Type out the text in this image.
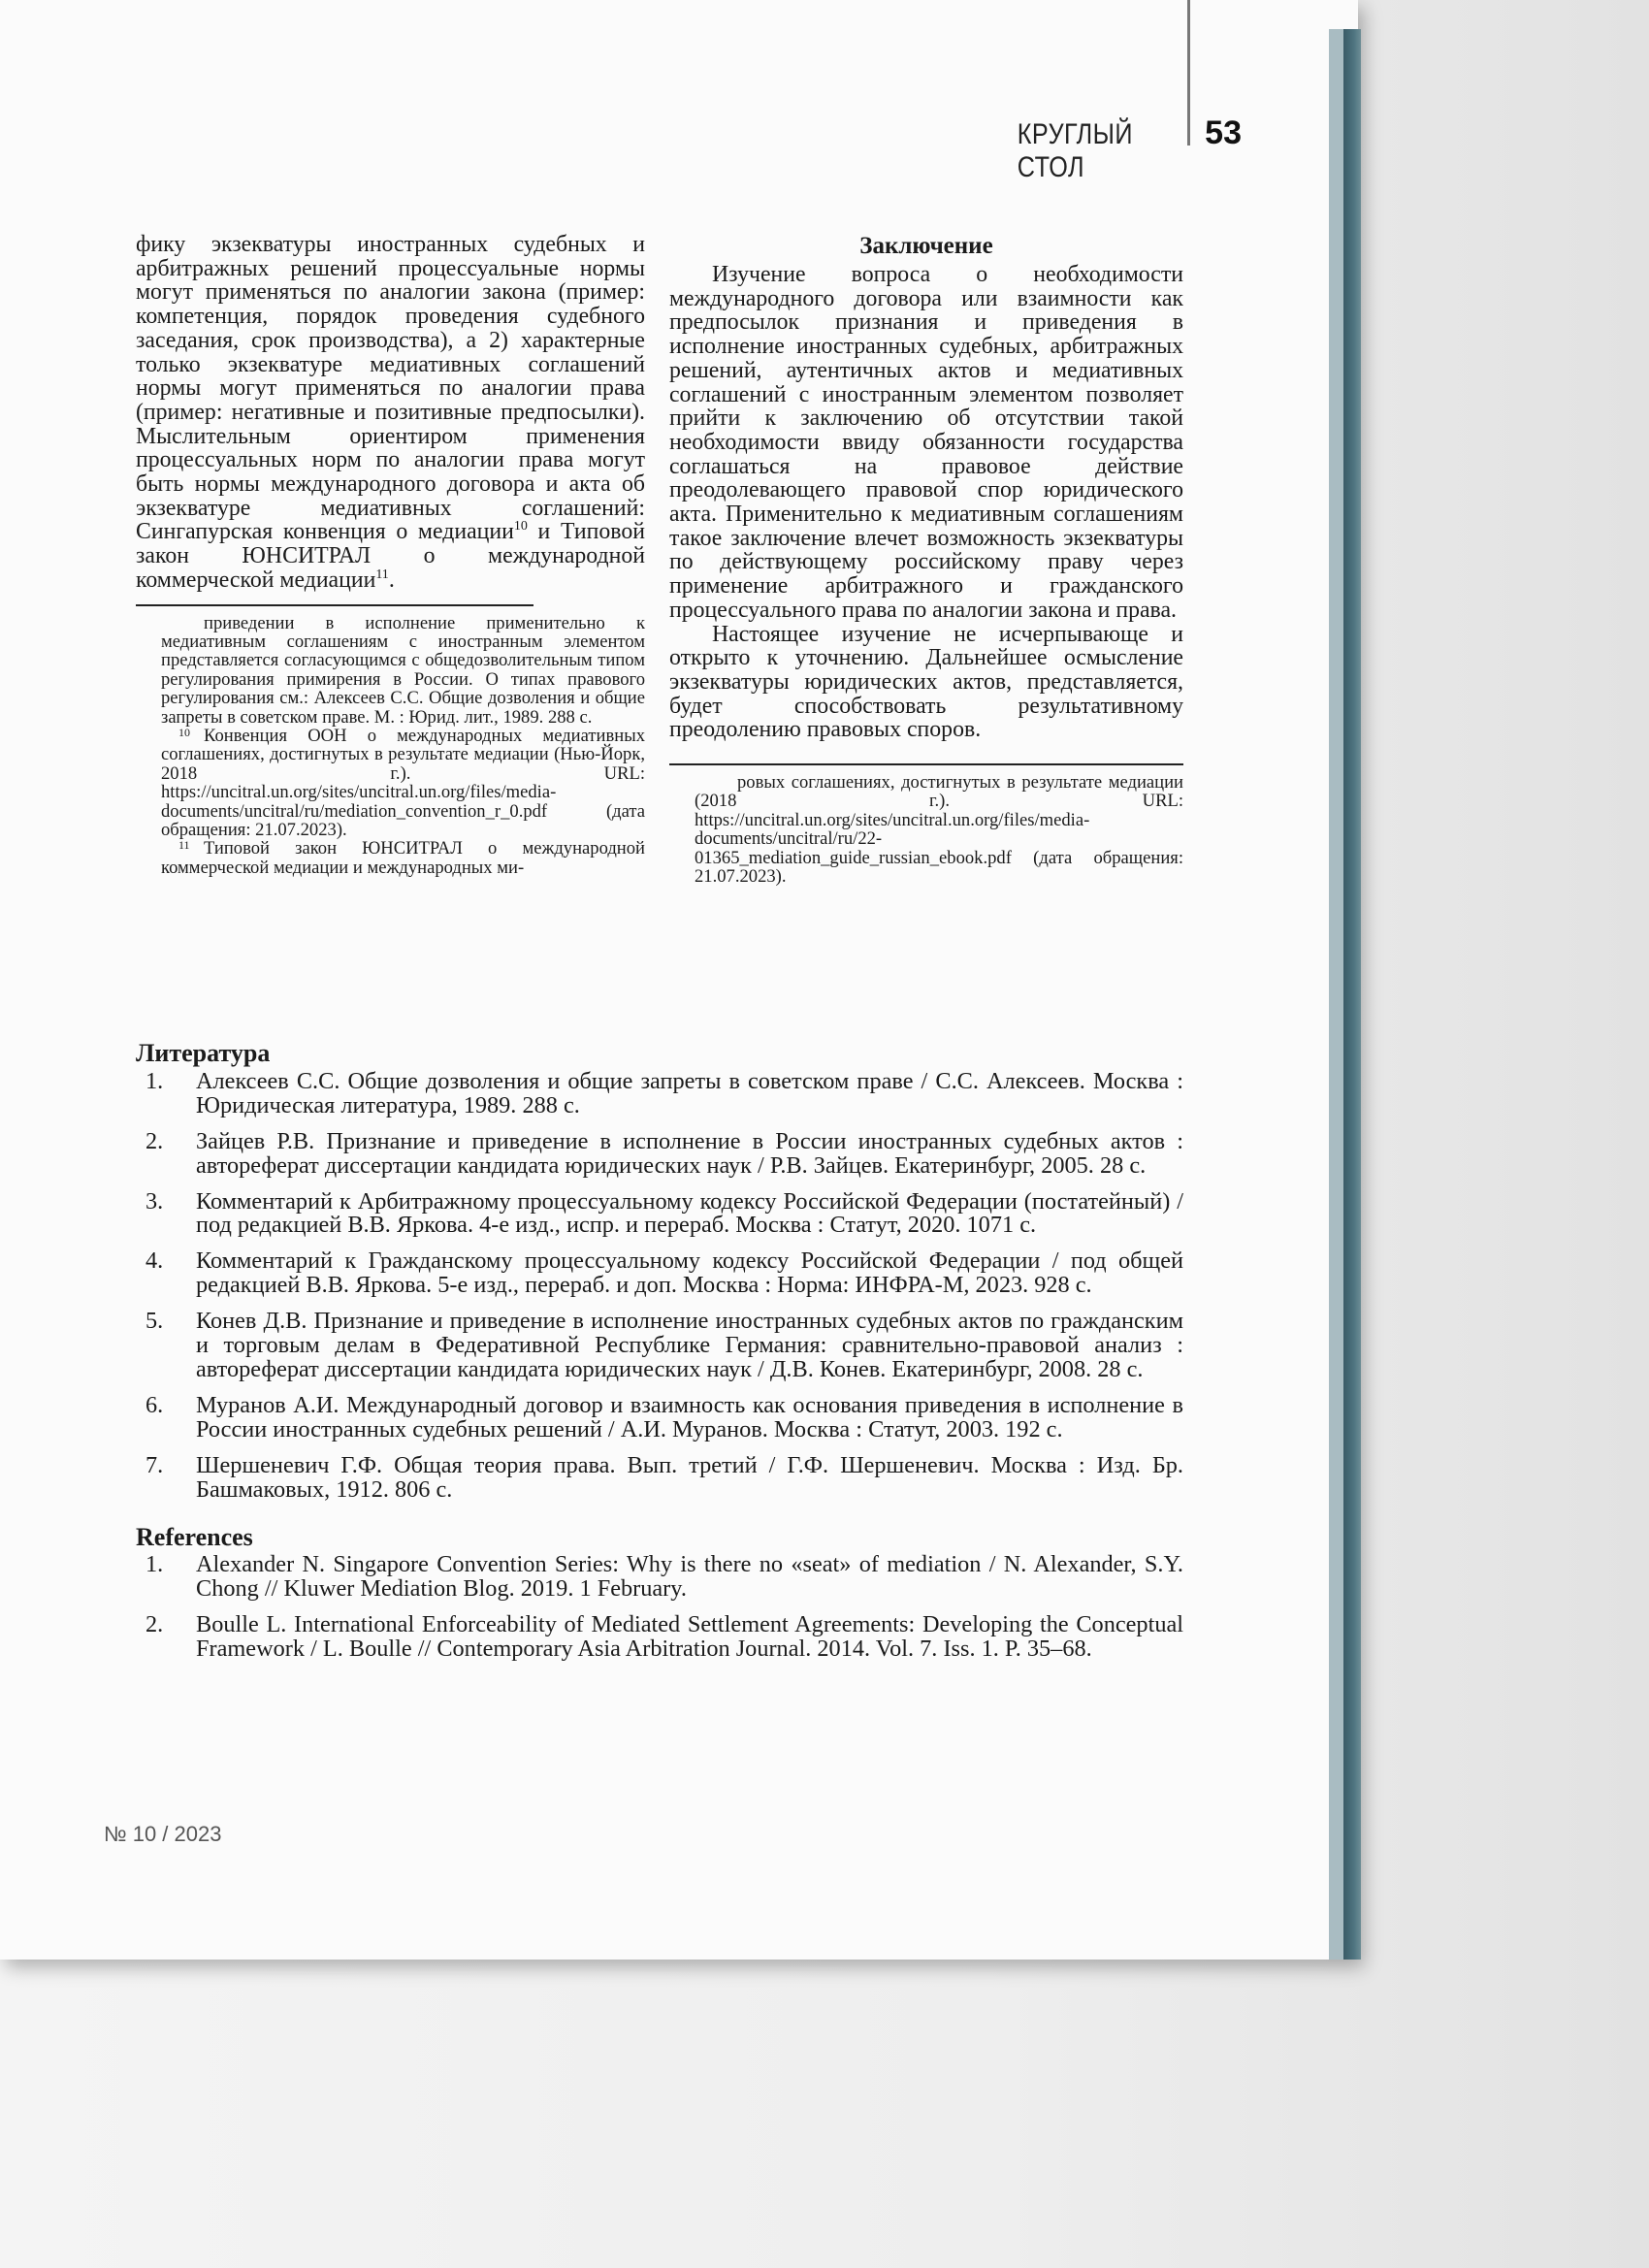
КРУГЛЫЙ СТОЛ
53

фику экзекватуры иностранных судебных и арбитражных решений процессуальные нормы могут применяться по аналогии закона (пример: компетенция, порядок проведения судебного заседания, срок производства), а 2) характерные только экзекватуре медиативных соглашений нормы могут применяться по аналогии права (пример: негативные и позитивные предпосылки). Мыслительным ориентиром применения процессуальных норм по аналогии права могут быть нормы международного договора и акта об экзекватуре медиативных соглашений: Сингапурская конвенция о медиации$^{10}$ и Типовой закон ЮНСИТРАЛ о международной коммерческой медиации$^{11}$.

приведении в исполнение применительно к медиативным соглашениям с иностранным элементом представляется согласующимся с общедозволительным типом регулирования примирения в России. О типах правового регулирования см.: Алексеев С.С. Общие дозволения и общие запреты в советском праве. М. : Юрид. лит., 1989. 288 с.

10 Конвенция ООН о международных медиативных соглашениях, достигнутых в результате медиации (Нью-Йорк, 2018 г.). URL: https://uncitral.un.org/sites/uncitral.un.org/files/media-documents/uncitral/ru/mediation_convention_r_0.pdf (дата обращения: 21.07.2023).

11 Типовой закон ЮНСИТРАЛ о международной коммерческой медиации и международных ми-

Заключение

Изучение вопроса о необходимости международного договора или взаимности как предпосылок признания и приведения в исполнение иностранных судебных, арбитражных решений, аутентичных актов и медиативных соглашений с иностранным элементом позволяет прийти к заключению об отсутствии такой необходимости ввиду обязанности государства соглашаться на правовое действие преодолевающего правовой спор юридического акта. Применительно к медиативным соглашениям такое заключение влечет возможность экзекватуры по действующему российскому праву через применение арбитражного и гражданского процессуального права по аналогии закона и права.

Настоящее изучение не исчерпывающе и открыто к уточнению. Дальнейшее осмысление экзекватуры юридических актов, представляется, будет способствовать результативному преодолению правовых споров.

ровых соглашениях, достигнутых в результате медиации (2018 г.). URL: https://uncitral.un.org/sites/uncitral.un.org/files/media-documents/uncitral/ru/22-01365_mediation_guide_russian_ebook.pdf (дата обращения: 21.07.2023).

Литература

1. Алексеев С.С. Общие дозволения и общие запреты в советском праве / С.С. Алексеев. Москва : Юридическая литература, 1989. 288 с.

2. Зайцев Р.В. Признание и приведение в исполнение в России иностранных судебных актов : автореферат диссертации кандидата юридических наук / Р.В. Зайцев. Екатеринбург, 2005. 28 с.

3. Комментарий к Арбитражному процессуальному кодексу Российской Федерации (постатейный) / под редакцией В.В. Яркова. 4-е изд., испр. и перераб. Москва : Статут, 2020. 1071 с.

4. Комментарий к Гражданскому процессуальному кодексу Российской Федерации / под общей редакцией В.В. Яркова. 5-е изд., перераб. и доп. Москва : Норма: ИНФРА-М, 2023. 928 с.

5. Конев Д.В. Признание и приведение в исполнение иностранных судебных актов по гражданским и торговым делам в Федеративной Республике Германия: сравнительно-правовой анализ : автореферат диссертации кандидата юридических наук / Д.В. Конев. Екатеринбург, 2008. 28 с.

6. Муранов А.И. Международный договор и взаимность как основания приведения в исполнение в России иностранных судебных решений / А.И. Муранов. Москва : Статут, 2003. 192 с.

7. Шершеневич Г.Ф. Общая теория права. Вып. третий / Г.Ф. Шершеневич. Москва : Изд. Бр. Башмаковых, 1912. 806 с.

References

1. Alexander N. Singapore Convention Series: Why is there no «seat» of mediation / N. Alexander, S.Y. Chong // Kluwer Mediation Blog. 2019. 1 February.

2. Boulle L. International Enforceability of Mediated Settlement Agreements: Developing the Conceptual Framework / L. Boulle // Contemporary Asia Arbitration Journal. 2014. Vol. 7. Iss. 1. P. 35–68.

№ 10 / 2023
